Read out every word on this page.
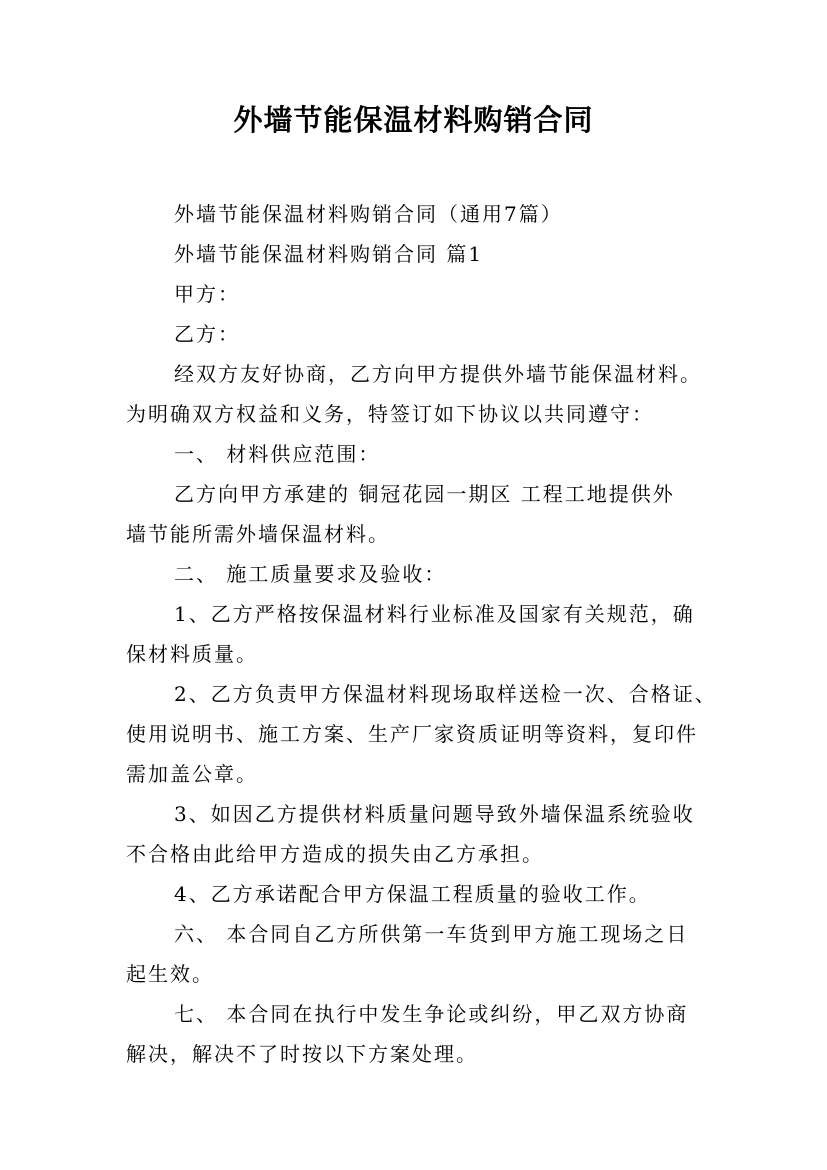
外墙节能保温材料购销合同

外墙节能保温材料购销合同（通用7篇）

外墙节能保温材料购销合同 篇1

甲方：

乙方：

经双方友好协商，乙方向甲方提供外墙节能保温材料。

为明确双方权益和义务，特签订如下协议以共同遵守：

一、 材料供应范围：

乙方向甲方承建的 铜冠花园一期区 工程工地提供外

墙节能所需外墙保温材料。

二、 施工质量要求及验收：

1、乙方严格按保温材料行业标准及国家有关规范，确

保材料质量。

2、乙方负责甲方保温材料现场取样送检一次、合格证、

使用说明书、施工方案、生产厂家资质证明等资料，复印件

需加盖公章。

3、如因乙方提供材料质量问题导致外墙保温系统验收

不合格由此给甲方造成的损失由乙方承担。

4、乙方承诺配合甲方保温工程质量的验收工作。

六、 本合同自乙方所供第一车货到甲方施工现场之日

起生效。

七、 本合同在执行中发生争论或纠纷，甲乙双方协商

解决，解决不了时按以下方案处理。
